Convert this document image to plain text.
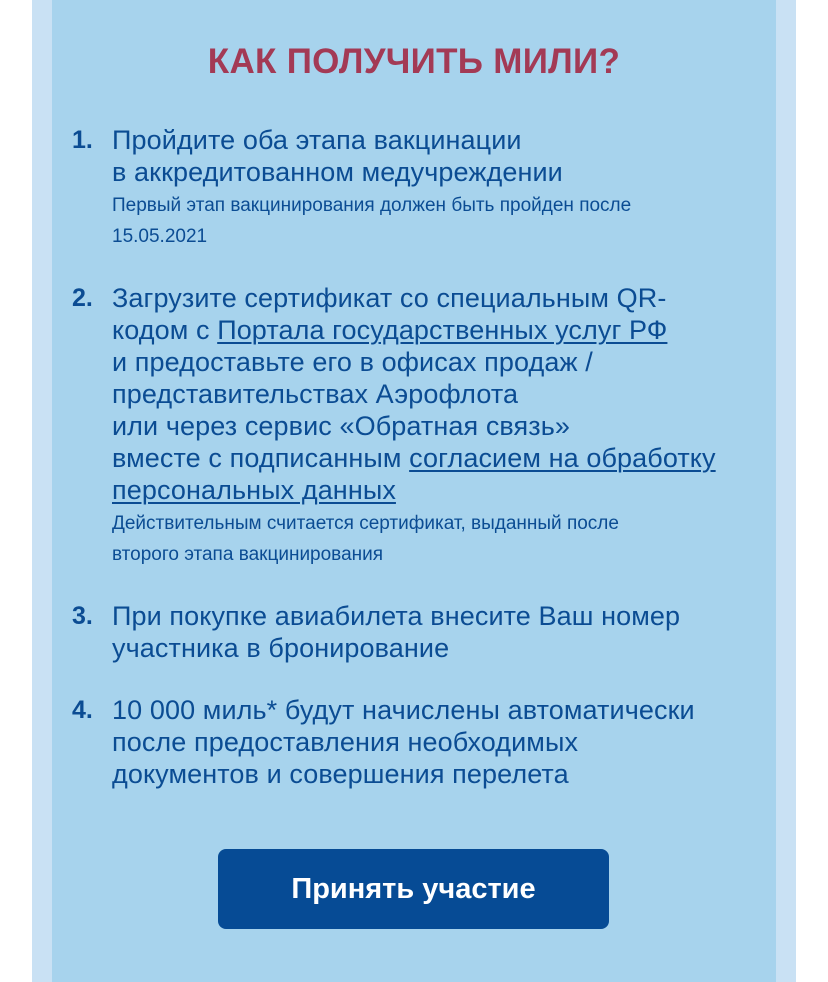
КАК ПОЛУЧИТЬ МИЛИ?
1. Пройдите оба этапа вакцинации
в аккредитованном медучреждении
Первый этап вакцинирования должен быть пройден после
15.05.2021
2. Загрузите сертификат со специальным QR-
кодом с Портала государственных услуг РФ
и предоставьте его в офисах продаж /
представительствах Аэрофлота
или через сервис «Обратная связь»
вместе с подписанным согласием на обработку
персональных данных
Действительным считается сертификат, выданный после
второго этапа вакцинирования
3. При покупке авиабилета внесите Ваш номер
участника в бронирование
4. 10 000 миль* будут начислены автоматически
после предоставления необходимых
документов и совершения перелета
Принять участие
